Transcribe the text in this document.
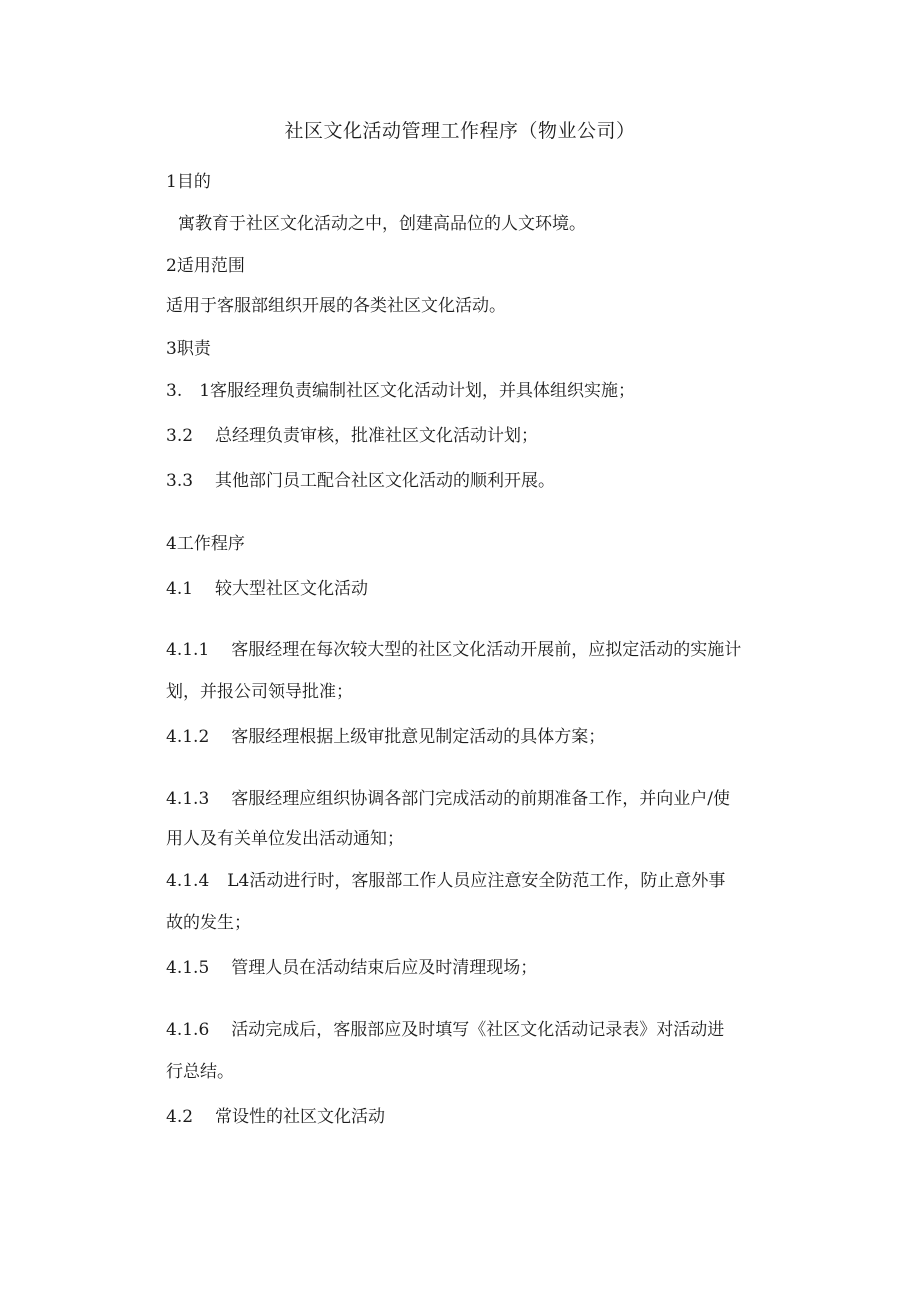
社区文化活动管理工作程序（物业公司）
1目的
寓教育于社区文化活动之中，创建高品位的人文环境。
2适用范围
适用于客服部组织开展的各类社区文化活动。
3职责
3.　1客服经理负责编制社区文化活动计划，并具体组织实施；
3.2 总经理负责审核，批准社区文化活动计划；
3.3 其他部门员工配合社区文化活动的顺利开展。
4工作程序
4.1 较大型社区文化活动
4.1.1 客服经理在每次较大型的社区文化活动开展前，应拟定活动的实施计
划，并报公司领导批准；
4.1.2 客服经理根据上级审批意见制定活动的具体方案；
4.1.3 客服经理应组织协调各部门完成活动的前期准备工作，并向业户/使
用人及有关单位发出活动通知；
4.1.4 L4活动进行时，客服部工作人员应注意安全防范工作，防止意外事
故的发生；
4.1.5 管理人员在活动结束后应及时清理现场；
4.1.6 活动完成后，客服部应及时填写《社区文化活动记录表》对活动进
行总结。
4.2 常设性的社区文化活动
